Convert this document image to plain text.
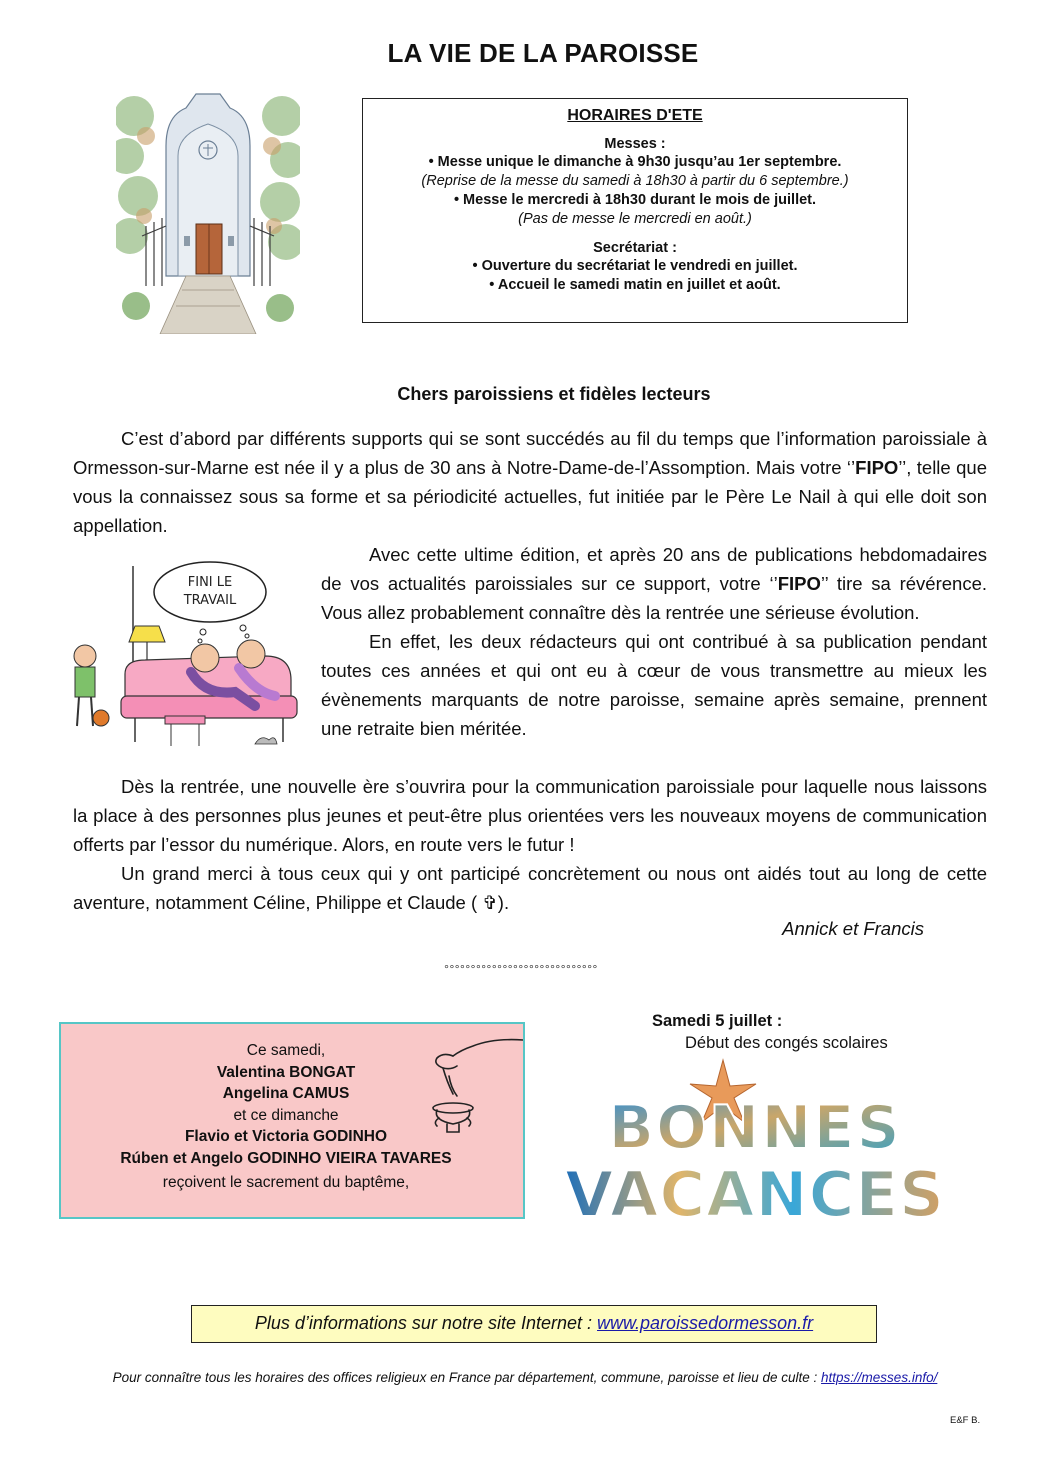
LA VIE DE LA PAROISSE
HORAIRES D'ETE
Messes :
• Messe unique le dimanche à 9h30 jusqu’au 1er septembre.
(Reprise de la messe du samedi à 18h30 à partir du 6 septembre.)
• Messe le mercredi à 18h30 durant le mois de juillet.
(Pas de messe le mercredi en août.)
Secrétariat :
• Ouverture du secrétariat le vendredi en juillet.
• Accueil le samedi matin en juillet et août.
Chers paroissiens et fidèles lecteurs
C’est d’abord par différents supports qui se sont succédés au fil du temps que l’information paroissiale à Ormesson-sur-Marne est née il y a plus de 30 ans à Notre-Dame-de-l’Assomption. Mais votre ‘’FIPO’’, telle que vous la connaissez sous sa forme et sa périodicité actuelles, fut initiée par le Père Le Nail à qui elle doit son appellation.
FINI LE
TRAVAIL
Avec cette ultime édition, et après 20 ans de publications hebdomadaires de vos actualités paroissiales sur ce support, votre ‘’FIPO’’ tire sa révérence. Vous allez probablement connaître dès la rentrée une sérieuse évolution.
En effet, les deux rédacteurs qui ont contribué à sa publication pendant toutes ces années et qui ont eu à cœur de vous transmettre au mieux les évènements marquants de notre paroisse, semaine après semaine, prennent une retraite bien méritée.
Dès la rentrée, une nouvelle ère s’ouvrira pour la communication paroissiale pour laquelle nous laissons la place à des personnes plus jeunes et peut-être plus orientées vers les nouveaux moyens de communication offerts par l’essor du numérique. Alors, en route vers le futur !
Un grand merci à tous ceux qui y ont participé concrètement ou nous ont aidés tout au long de cette aventure, notamment Céline, Philippe et Claude ( ✞).
Annick et Francis
°°°°°°°°°°°°°°°°°°°°°°°°°°°°°
Ce samedi,
Valentina BONGAT
Angelina CAMUS
et ce dimanche
Flavio et Victoria GODINHO
Rúben et Angelo GODINHO VIEIRA TAVARES
reçoivent le sacrement du baptême,
Samedi 5 juillet :
Début des congés scolaires
BONNES
VACANCES
Plus d’informations sur notre site Internet : www.paroissedormesson.fr
Pour connaître tous les horaires des offices religieux en France par département, commune, paroisse et lieu de culte : https://messes.info/
E&F B.
